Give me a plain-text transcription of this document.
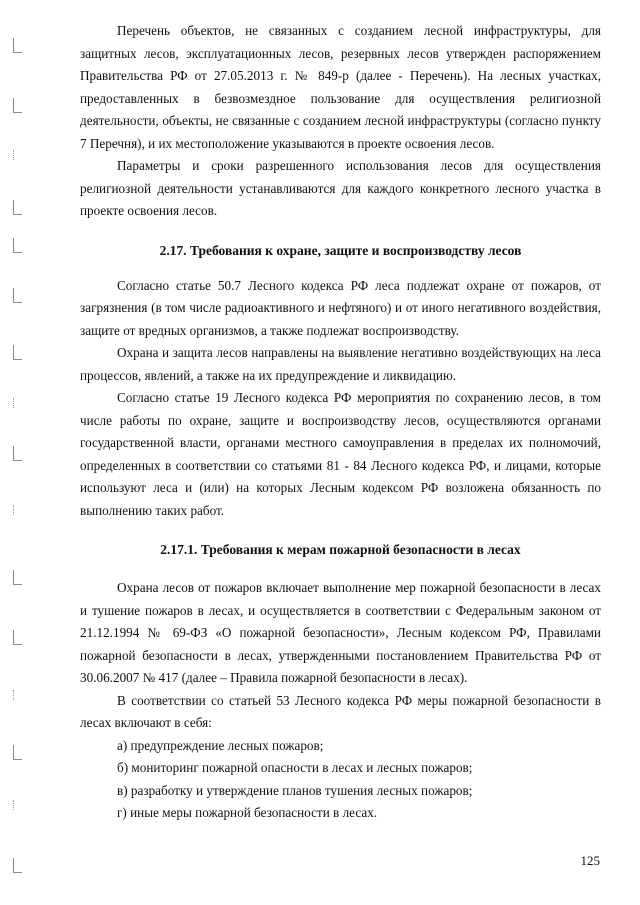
Перечень объектов, не связанных с созданием лесной инфраструктуры, для защитных лесов, эксплуатационных лесов, резервных лесов утвержден распоряжением Правительства РФ от 27.05.2013 г. № 849-р (далее - Перечень). На лесных участках, предоставленных в безвозмездное пользование для осуществления религиозной деятельности, объекты, не связанные с созданием лесной инфраструктуры (согласно пункту 7 Перечня), и их местоположение указываются в проекте освоения лесов.

Параметры и сроки разрешенного использования лесов для осуществления религиозной деятельности устанавливаются для каждого конкретного лесного участка в проекте освоения лесов.

2.17. Требования к охране, защите и воспроизводству лесов

Согласно статье 50.7 Лесного кодекса РФ леса подлежат охране от пожаров, от загрязнения (в том числе радиоактивного и нефтяного) и от иного негативного воздействия, защите от вредных организмов, а также подлежат воспроизводству.

Охрана и защита лесов направлены на выявление негативно воздействующих на леса процессов, явлений, а также на их предупреждение и ликвидацию.

Согласно статье 19 Лесного кодекса РФ мероприятия по сохранению лесов, в том числе работы по охране, защите и воспроизводству лесов, осуществляются органами государственной власти, органами местного самоуправления в пределах их полномочий, определенных в соответствии со статьями 81 - 84 Лесного кодекса РФ, и лицами, которые используют леса и (или) на которых Лесным кодексом РФ возложена обязанность по выполнению таких работ.

2.17.1. Требования к мерам пожарной безопасности в лесах

Охрана лесов от пожаров включает выполнение мер пожарной безопасности в лесах и тушение пожаров в лесах, и осуществляется в соответствии с Федеральным законом от 21.12.1994 № 69-ФЗ «О пожарной безопасности», Лесным кодексом РФ, Правилами пожарной безопасности в лесах, утвержденными постановлением Правительства РФ от 30.06.2007 № 417 (далее – Правила пожарной безопасности в лесах).

В соответствии со статьей 53 Лесного кодекса РФ меры пожарной безопасности в лесах включают в себя:

а) предупреждение лесных пожаров;

б) мониторинг пожарной опасности в лесах и лесных пожаров;

в) разработку и утверждение планов тушения лесных пожаров;

г) иные меры пожарной безопасности в лесах.

125
